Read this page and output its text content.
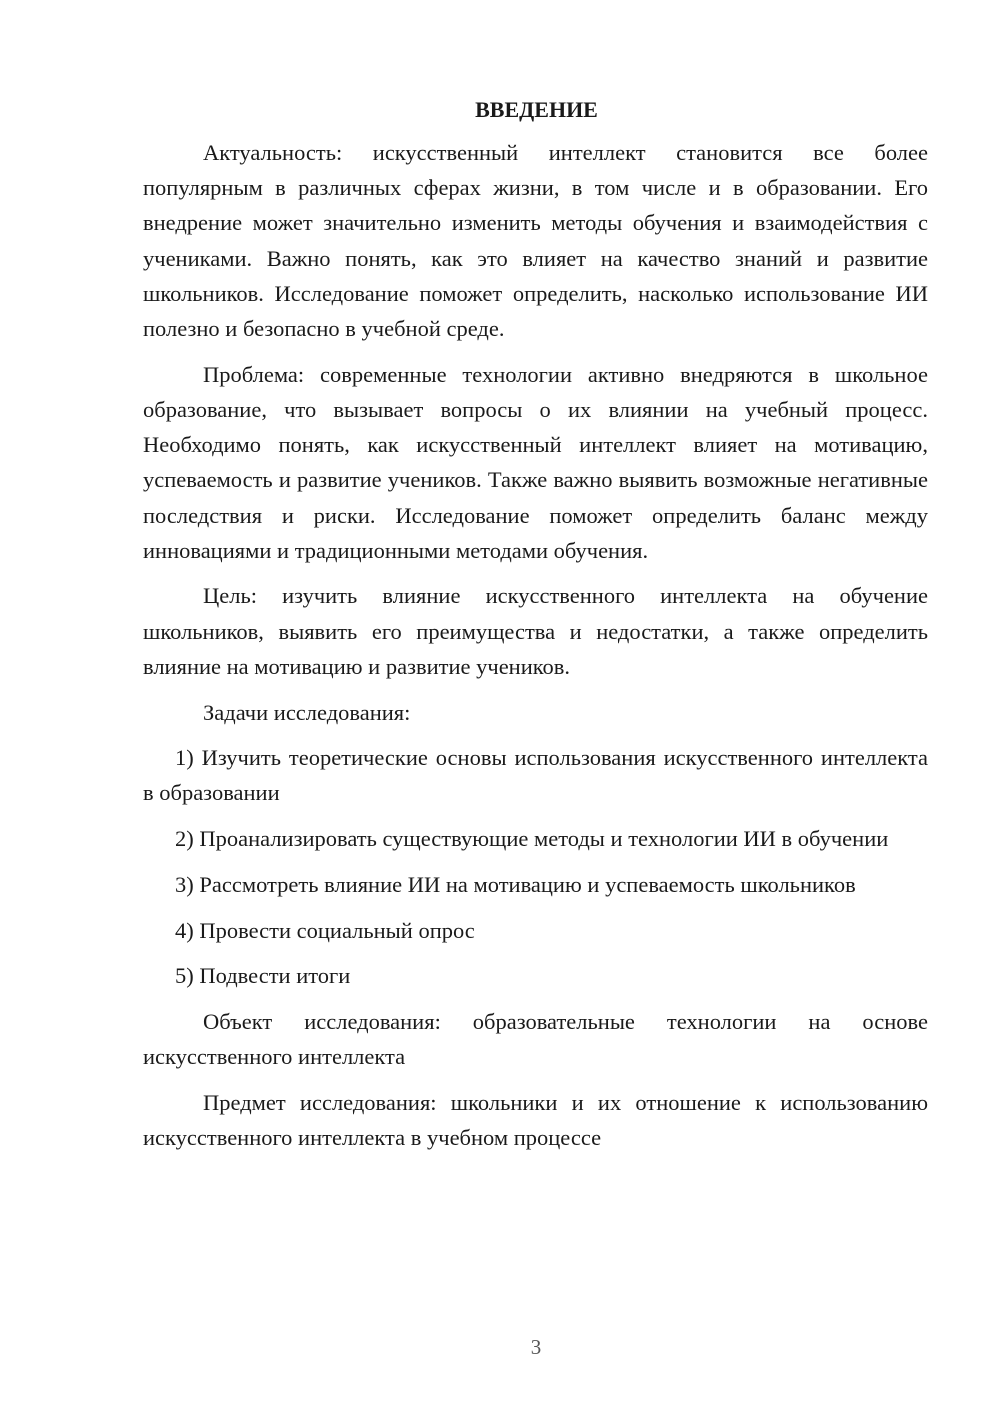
ВВЕДЕНИЕ

Актуальность: искусственный интеллект становится все более популярным в различных сферах жизни, в том числе и в образовании. Его внедрение может значительно изменить методы обучения и взаимодействия с учениками. Важно понять, как это влияет на качество знаний и развитие школьников. Исследование поможет определить, насколько использование ИИ полезно и безопасно в учебной среде.

Проблема: современные технологии активно внедряются в школьное образование, что вызывает вопросы о их влиянии на учебный процесс. Необходимо понять, как искусственный интеллект влияет на мотивацию, успеваемость и развитие учеников. Также важно выявить возможные негативные последствия и риски. Исследование поможет определить баланс между инновациями и традиционными методами обучения.

Цель: изучить влияние искусственного интеллекта на обучение школьников, выявить его преимущества и недостатки, а также определить влияние на мотивацию и развитие учеников.

Задачи исследования:

1) Изучить теоретические основы использования искусственного интеллекта в образовании

2) Проанализировать существующие методы и технологии ИИ в обучении

3) Рассмотреть влияние ИИ на мотивацию и успеваемость школьников

4) Провести социальный опрос

5) Подвести итоги

Объект исследования: образовательные технологии на основе искусственного интеллекта

Предмет исследования: школьники и их отношение к использованию искусственного интеллекта в учебном процессе

3
